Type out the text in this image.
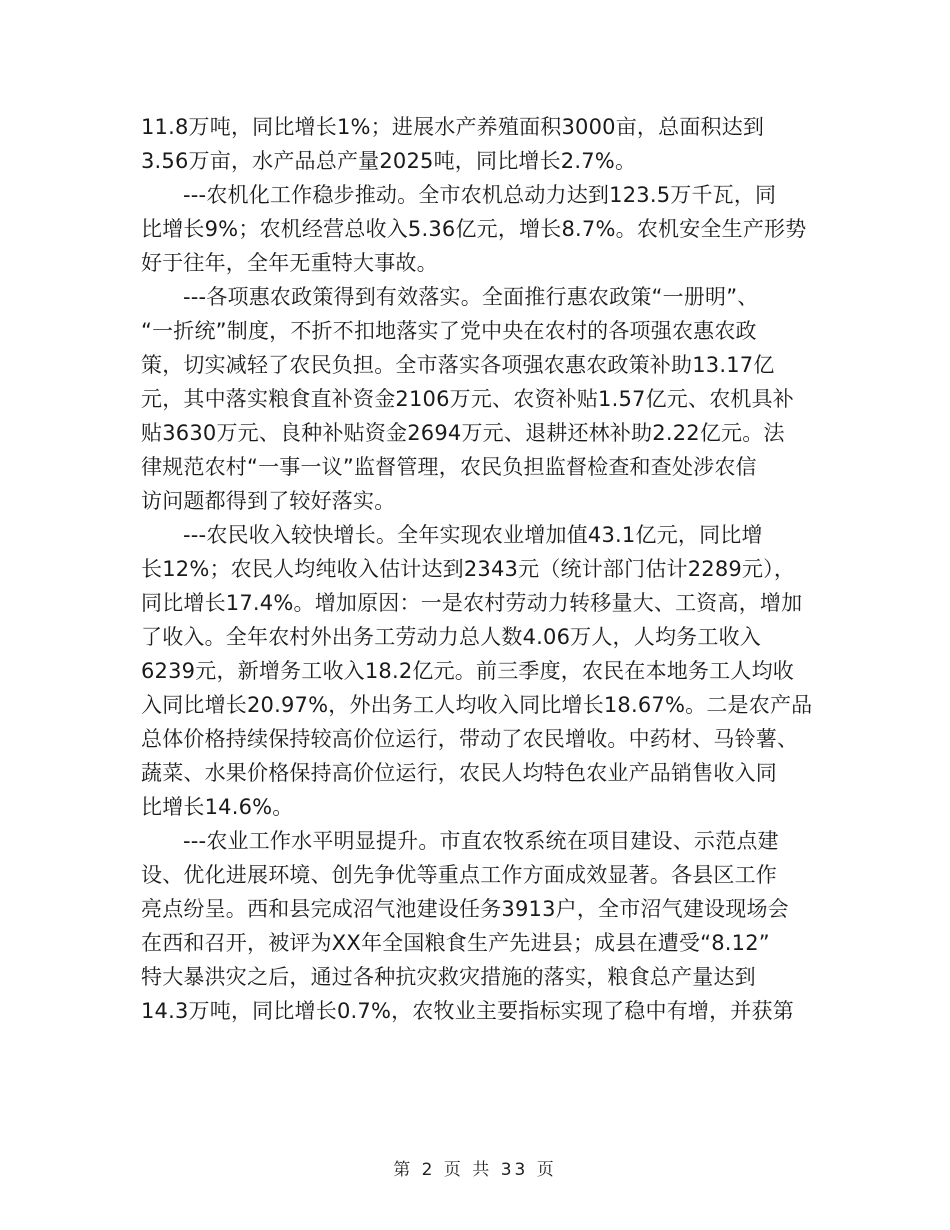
11.8万吨，同比增长1%；进展水产养殖面积3000亩，总面积达到
3.56万亩，水产品总产量2025吨，同比增长2.7%。
---农机化工作稳步推动。全市农机总动力达到123.5万千瓦，同
比增长9%；农机经营总收入5.36亿元，增长8.7%。农机安全生产形势
好于往年，全年无重特大事故。
---各项惠农政策得到有效落实。全面推行惠农政策“一册明”、
“一折统”制度，不折不扣地落实了党中央在农村的各项强农惠农政
策，切实减轻了农民负担。全市落实各项强农惠农政策补助13.17亿
元，其中落实粮食直补资金2106万元、农资补贴1.57亿元、农机具补
贴3630万元、良种补贴资金2694万元、退耕还林补助2.22亿元。法
律规范农村“一事一议”监督管理，农民负担监督检查和查处涉农信
访问题都得到了较好落实。
---农民收入较快增长。全年实现农业增加值43.1亿元，同比增
长12%；农民人均纯收入估计达到2343元（统计部门估计2289元），
同比增长17.4%。增加原因：一是农村劳动力转移量大、工资高，增加
了收入。全年农村外出务工劳动力总人数4.06万人，人均务工收入
6239元，新增务工收入18.2亿元。前三季度，农民在本地务工人均收
入同比增长20.97%，外出务工人均收入同比增长18.67%。二是农产品
总体价格持续保持较高价位运行，带动了农民增收。中药材、马铃薯、
蔬菜、水果价格保持高价位运行，农民人均特色农业产品销售收入同
比增长14.6%。
---农业工作水平明显提升。市直农牧系统在项目建设、示范点建
设、优化进展环境、创先争优等重点工作方面成效显著。各县区工作
亮点纷呈。西和县完成沼气池建设任务3913户，全市沼气建设现场会
在西和召开，被评为XX年全国粮食生产先进县；成县在遭受“8.12”
特大暴洪灾之后，通过各种抗灾救灾措施的落实，粮食总产量达到
14.3万吨，同比增长0.7%，农牧业主要指标实现了稳中有增，并获第
第 2 页 共 33 页
